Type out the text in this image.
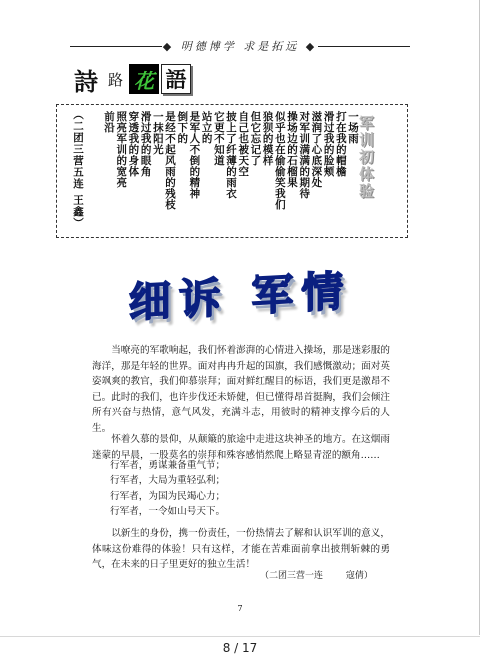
◆ 明德博学 求是拓远 ◆
詩 路 花 語
军训初体验
一场雨
打在我的帽檐
滑过我的脸颊
滋润了心底深处
对军训满满的期待
操场边的石榴果
似乎也在偷偷笑我们
狼狈的模样
但它忘记了
自己也被天空
披上了纤薄的雨衣
它更不知道
站立的
是军人不倒的精神
倒下的
是经不起风雨的残枝
一抹阳光
滑过我的眼角
穿透我的身体
照亮军训的宽亮
前沿
（二团三营五连 王鑫）
细诉 军情
当嘹亮的军歌响起，我们怀着澎湃的心情进入操场，那是迷彩服的海洋，那是年轻的世界。面对冉冉升起的国旗，我们感慨激动；面对英姿飒爽的教官，我们仰慕崇拜；面对鲜红醒目的标语，我们更是激昂不已。此时的我们，也许步伐还未矫健，但已懂得昂首挺胸，我们会倾注所有兴奋与热情，意气风发，充满斗志，用彼时的精神支撑今后的人生。
怀着久慕的景仰，从颠簸的旅途中走进这块神圣的地方。在这烟雨迷蒙的早晨，一股莫名的崇拜和殊容感悄然爬上略显青涩的额角……
行军者，勇谋兼备重气节；
行军者，大局为重轻弘利；
行军者，为国为民竭心力；
行军者，一令如山号天下。
以新生的身份，携一份责任，一份热情去了解和认识军训的意义，体味这份难得的体验！只有这样，才能在苦难面前拿出披荆斩棘的勇气，在未来的日子里更好的独立生活！
（二团三营一连        寇倩）
7
8 / 17
